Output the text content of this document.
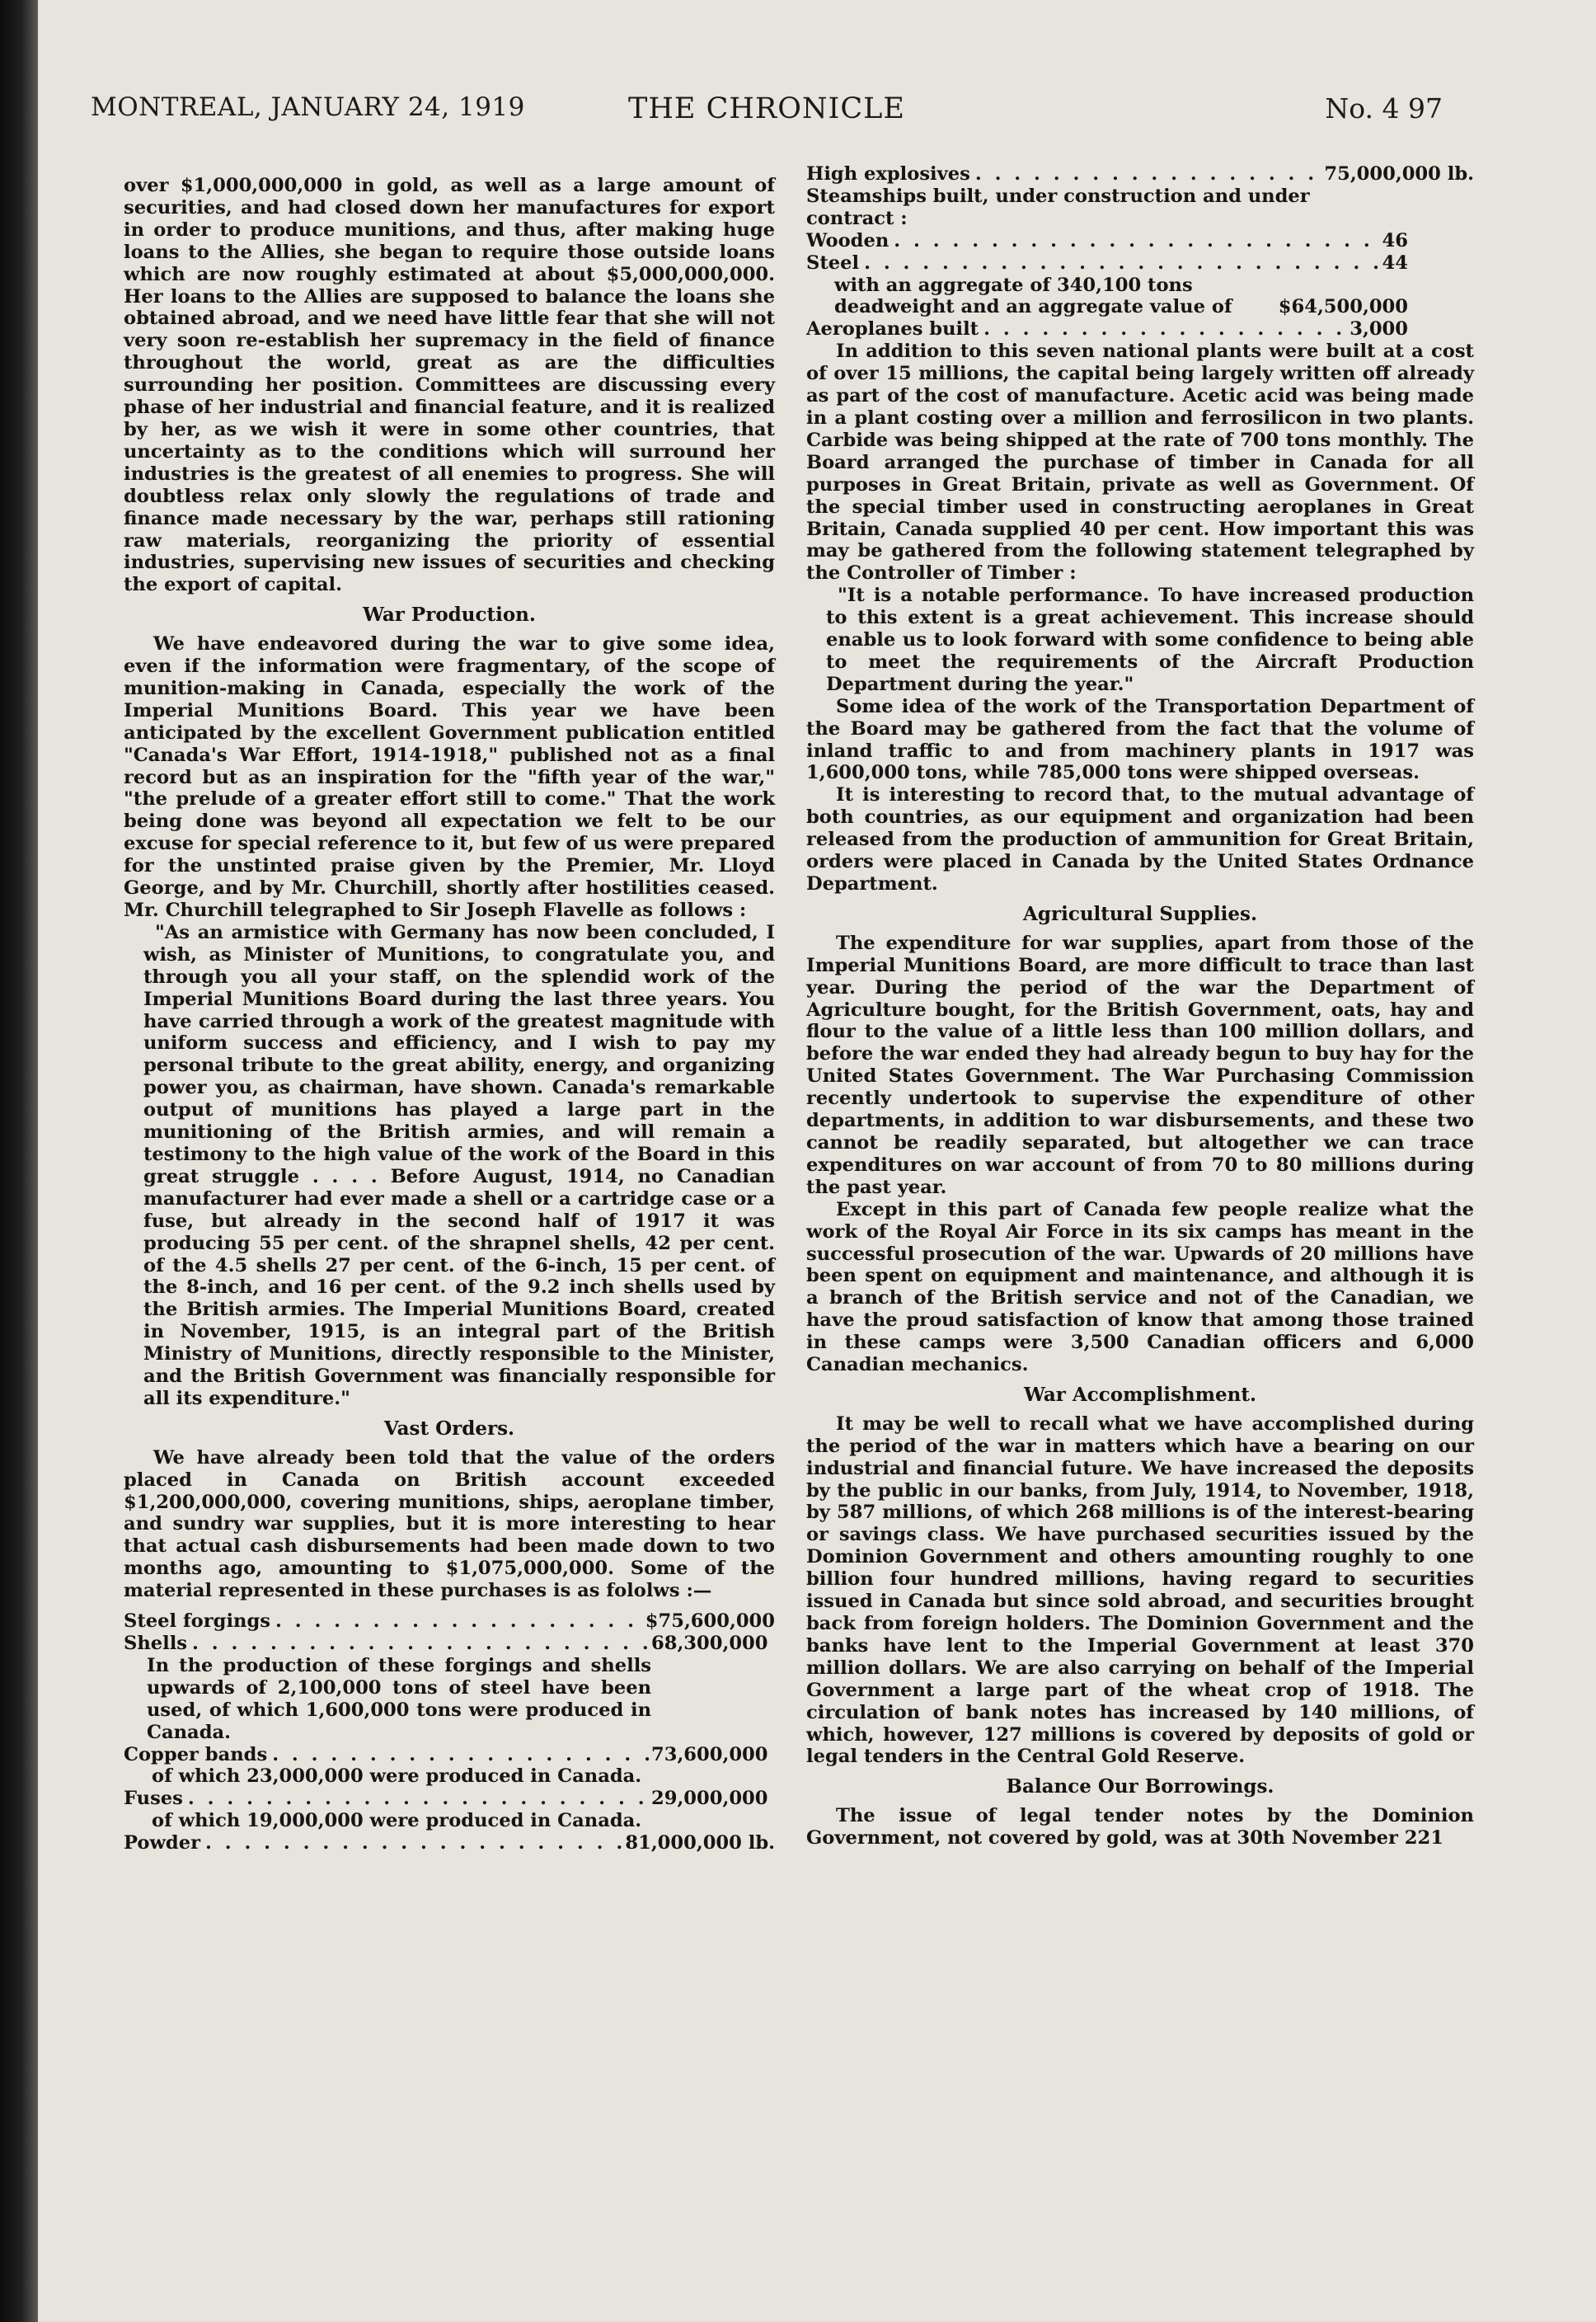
MONTREAL, JANUARY 24, 1919	THE CHRONICLE	No. 4 97

over $1,000,000,000 in gold, as well as a large amount of securities, and had closed down her manufactures for export in order to produce munitions, and thus, after making huge loans to the Allies, she began to require those outside loans which are now roughly estimated at about $5,000,000,000. Her loans to the Allies are supposed to balance the loans she obtained abroad, and we need have little fear that she will not very soon re-establish her supremacy in the field of finance throughout the world, great as are the difficulties surrounding her position. Committees are discussing every phase of her industrial and financial feature, and it is realized by her, as we wish it were in some other countries, that uncertainty as to the conditions which will surround her industries is the greatest of all enemies to progress. She will doubtless relax only slowly the regulations of trade and finance made necessary by the war, perhaps still rationing raw materials, reorganizing the priority of essential industries, supervising new issues of securities and checking the export of capital.

War Production.

We have endeavored during the war to give some idea, even if the information were fragmentary, of the scope of munition-making in Canada, especially the work of the Imperial Munitions Board. This year we have been anticipated by the excellent Government publication entitled "Canada's War Effort, 1914-1918," published not as a final record but as an inspiration for the "fifth year of the war," "the prelude of a greater effort still to come." That the work being done was beyond all expectation we felt to be our excuse for special reference to it, but few of us were prepared for the unstinted praise given by the Premier, Mr. Lloyd George, and by Mr. Churchill, shortly after hostilities ceased. Mr. Churchill telegraphed to Sir Joseph Flavelle as follows :

"As an armistice with Germany has now been concluded, I wish, as Minister of Munitions, to congratulate you, and through you all your staff, on the splendid work of the Imperial Munitions Board during the last three years. You have carried through a work of the greatest magnitude with uniform success and efficiency, and I wish to pay my personal tribute to the great ability, energy, and organizing power you, as chairman, have shown. Canada's remarkable output of munitions has played a large part in the munitioning of the British armies, and will remain a testimony to the high value of the work of the Board in this great struggle . . . . Before August, 1914, no Canadian manufacturer had ever made a shell or a cartridge case or a fuse, but already in the second half of 1917 it was producing 55 per cent. of the shrapnel shells, 42 per cent. of the 4.5 shells 27 per cent. of the 6-inch, 15 per cent. of the 8-inch, and 16 per cent. of the 9.2 inch shells used by the British armies. The Imperial Munitions Board, created in November, 1915, is an integral part of the British Ministry of Munitions, directly responsible to the Minister, and the British Government was financially responsible for all its expenditure."

Vast Orders.

We have already been told that the value of the orders placed in Canada on British account exceeded $1,200,000,000, covering munitions, ships, aeroplane timber, and sundry war supplies, but it is more interesting to hear that actual cash disbursements had been made down to two months ago, amounting to $1,075,000,000. Some of the material represented in these purchases is as fololws :—

Steel forgings . . .	$75,600,000
Shells . . .	68,300,000

In the production of these forgings and shells upwards of 2,100,000 tons of steel have been used, of which 1,600,000 tons were produced in Canada.

Copper bands . . .	73,600,000

of which 23,000,000 were produced in Canada.

Fuses . . .	29,000,000

of which 19,000,000 were produced in Canada.

Powder . . .	81,000,000 lb.
High explosives . . .	75,000,000 lb.

Steamships built, under construction and under contract :

Wooden . . .	46
Steel . . .	44
with an aggregate of 340,100 tons deadweight and an aggregate value of	$64,500,000
Aeroplanes built . . .	3,000

In addition to this seven national plants were built at a cost of over 15 millions, the capital being largely written off already as part of the cost of manufacture. Acetic acid was being made in a plant costing over a million and ferrosilicon in two plants. Carbide was being shipped at the rate of 700 tons monthly. The Board arranged the purchase of timber in Canada for all purposes in Great Britain, private as well as Government. Of the special timber used in constructing aeroplanes in Great Britain, Canada supplied 40 per cent. How important this was may be gathered from the following statement telegraphed by the Controller of Timber :

"It is a notable performance. To have increased production to this extent is a great achievement. This increase should enable us to look forward with some confidence to being able to meet the requirements of the Aircraft Production Department during the year."

Some idea of the work of the Transportation Department of the Board may be gathered from the fact that the volume of inland traffic to and from machinery plants in 1917 was 1,600,000 tons, while 785,000 tons were shipped overseas.

It is interesting to record that, to the mutual advantage of both countries, as our equipment and organization had been released from the production of ammunition for Great Britain, orders were placed in Canada by the United States Ordnance Department.

Agricultural Supplies.

The expenditure for war supplies, apart from those of the Imperial Munitions Board, are more difficult to trace than last year. During the period of the war the Department of Agriculture bought, for the British Government, oats, hay and flour to the value of a little less than 100 million dollars, and before the war ended they had already begun to buy hay for the United States Government. The War Purchasing Commission recently undertook to supervise the expenditure of other departments, in addition to war disbursements, and these two cannot be readily separated, but altogether we can trace expenditures on war account of from 70 to 80 millions during the past year.

Except in this part of Canada few people realize what the work of the Royal Air Force in its six camps has meant in the successful prosecution of the war. Upwards of 20 millions have been spent on equipment and maintenance, and although it is a branch of the British service and not of the Canadian, we have the proud satisfaction of know that among those trained in these camps were 3,500 Canadian officers and 6,000 Canadian mechanics.

War Accomplishment.

It may be well to recall what we have accomplished during the period of the war in matters which have a bearing on our industrial and financial future. We have increased the deposits by the public in our banks, from July, 1914, to November, 1918, by 587 millions, of which 268 millions is of the interest-bearing or savings class. We have purchased securities issued by the Dominion Government and others amounting roughly to one billion four hundred millions, having regard to securities issued in Canada but since sold abroad, and securities brought back from foreign holders. The Dominion Government and the banks have lent to the Imperial Government at least 370 million dollars. We are also carrying on behalf of the Imperial Government a large part of the wheat crop of 1918. The circulation of bank notes has increased by 140 millions, of which, however, 127 millions is covered by deposits of gold or legal tenders in the Central Gold Reserve.

Balance Our Borrowings.

The issue of legal tender notes by the Dominion Government, not covered by gold, was at 30th November 221
